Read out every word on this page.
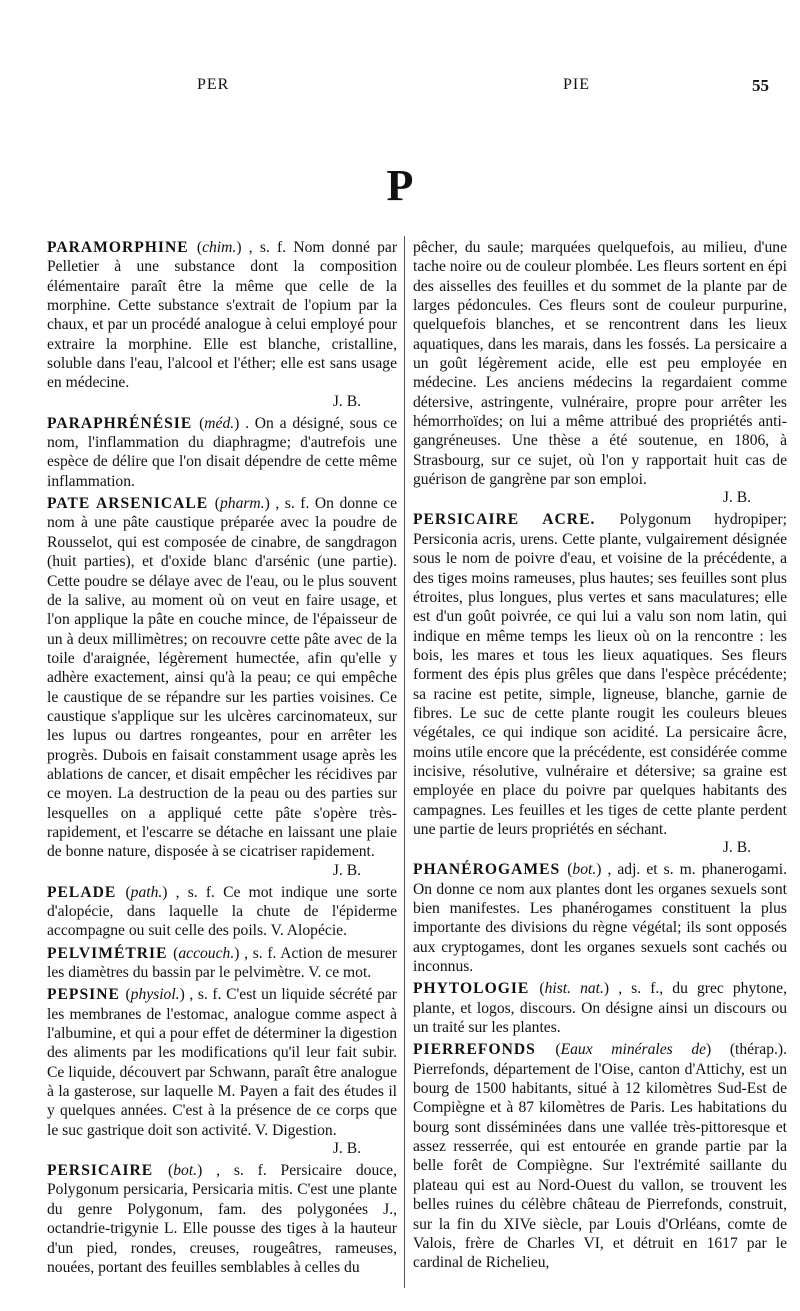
PER	PIE	55
P

PARAMORPHINE ( chim. ) , s. f. Nom donné par Pelletier à une substance dont la composition élémentaire paraît être la même que celle de la morphine. Cette substance s'extrait de l'opium par la chaux, et par un procédé analogue à celui employé pour extraire la morphine. Elle est blanche, cristalline, soluble dans l'eau, l'alcool et l'éther; elle est sans usage en médecine.
J. B.

PARAPHRÉNÉSIE ( méd. ) . On a désigné, sous ce nom, l'inflammation du diaphragme; d'autrefois une espèce de délire que l'on disait dépendre de cette même inflammation.

PATE ARSENICALE ( pharm. ) , s. f. On donne ce nom à une pâte caustique préparée avec la poudre de Rousselot, qui est composée de cinabre, de sangdragon (huit parties), et d'oxide blanc d'arsénic (une partie). Cette poudre se délaye avec de l'eau, ou le plus souvent de la salive, au moment où on veut en faire usage, et l'on applique la pâte en couche mince, de l'épaisseur de un à deux millimètres; on recouvre cette pâte avec de la toile d'araignée, légèrement humectée, afin qu'elle y adhère exactement, ainsi qu'à la peau; ce qui empêche le caustique de se répandre sur les parties voisines. Ce caustique s'applique sur les ulcères carcinomateux, sur les lupus ou dartres rongeantes, pour en arrêter les progrès. Dubois en faisait constamment usage après les ablations de cancer, et disait empêcher les récidives par ce moyen. La destruction de la peau ou des parties sur lesquelles on a appliqué cette pâte s'opère très-rapidement, et l'escarre se détache en laissant une plaie de bonne nature, disposée à se cicatriser rapidement.
J. B.

PELADE ( path. ) , s. f. Ce mot indique une sorte d'alopécie, dans laquelle la chute de l'épiderme accompagne ou suit celle des poils. V. Alopécie.

PELVIMÉTRIE ( accouch. ) , s. f. Action de mesurer les diamètres du bassin par le pelvimètre. V. ce mot.

PEPSINE ( physiol. ) , s. f. C'est un liquide sécrété par les membranes de l'estomac, analogue comme aspect à l'albumine, et qui a pour effet de déterminer la digestion des aliments par les modifications qu'il leur fait subir. Ce liquide, découvert par Schwann, paraît être analogue à la gasterose, sur laquelle M. Payen a fait des études il y quelques années. C'est à la présence de ce corps que le suc gastrique doit son activité. V. Digestion.
J. B.

PERSICAIRE ( bot. ) , s. f. Persicaire douce, Polygonum persicaria, Persicaria mitis. C'est une plante du genre Polygonum, fam. des polygonées J., octandrie-trigynie L. Elle pousse des tiges à la hauteur d'un pied, rondes, creuses, rougeâtres, rameuses, nouées, portant des feuilles semblables à celles du

pêcher, du saule; marquées quelquefois, au milieu, d'une tache noire ou de couleur plombée. Les fleurs sortent en épi des aisselles des feuilles et du sommet de la plante par de larges pédoncules. Ces fleurs sont de couleur purpurine, quelquefois blanches, et se rencontrent dans les lieux aquatiques, dans les marais, dans les fossés. La persicaire a un goût légèrement acide, elle est peu employée en médecine. Les anciens médecins la regardaient comme détersive, astringente, vulnéraire, propre pour arrêter les hémorrhoïdes; on lui a même attribué des propriétés anti-gangréneuses. Une thèse a été soutenue, en 1806, à Strasbourg, sur ce sujet, où l'on y rapportait huit cas de guérison de gangrène par son emploi.
J. B.

PERSICAIRE ACRE. Polygonum hydropiper; Persiconia acris, urens. Cette plante, vulgairement désignée sous le nom de poivre d'eau, et voisine de la précédente, a des tiges moins rameuses, plus hautes; ses feuilles sont plus étroites, plus longues, plus vertes et sans maculatures; elle est d'un goût poivrée, ce qui lui a valu son nom latin, qui indique en même temps les lieux où on la rencontre : les bois, les mares et tous les lieux aquatiques. Ses fleurs forment des épis plus grêles que dans l'espèce précédente; sa racine est petite, simple, ligneuse, blanche, garnie de fibres. Le suc de cette plante rougit les couleurs bleues végétales, ce qui indique son acidité. La persicaire âcre, moins utile encore que la précédente, est considérée comme incisive, résolutive, vulnéraire et détersive; sa graine est employée en place du poivre par quelques habitants des campagnes. Les feuilles et les tiges de cette plante perdent une partie de leurs propriétés en séchant.
J. B.

PHANÉROGAMES ( bot. ) , adj. et s. m. phanerogami. On donne ce nom aux plantes dont les organes sexuels sont bien manifestes. Les phanérogames constituent la plus importante des divisions du règne végétal; ils sont opposés aux cryptogames, dont les organes sexuels sont cachés ou inconnus.

PHYTOLOGIE ( hist. nat. ) , s. f., du grec phytone, plante, et logos, discours. On désigne ainsi un discours ou un traité sur les plantes.

PIERREFONDS ( Eaux minérales de ) (thérap.). Pierrefonds, département de l'Oise, canton d'Attichy, est un bourg de 1500 habitants, situé à 12 kilomètres Sud-Est de Compiègne et à 87 kilomètres de Paris. Les habitations du bourg sont disséminées dans une vallée très-pittoresque et assez resserrée, qui est entourée en grande partie par la belle forêt de Compiègne. Sur l'extrémité saillante du plateau qui est au Nord-Ouest du vallon, se trouvent les belles ruines du célèbre château de Pierrefonds, construit, sur la fin du XIVe siècle, par Louis d'Orléans, comte de Valois, frère de Charles VI, et détruit en 1617 par le cardinal de Richelieu,
